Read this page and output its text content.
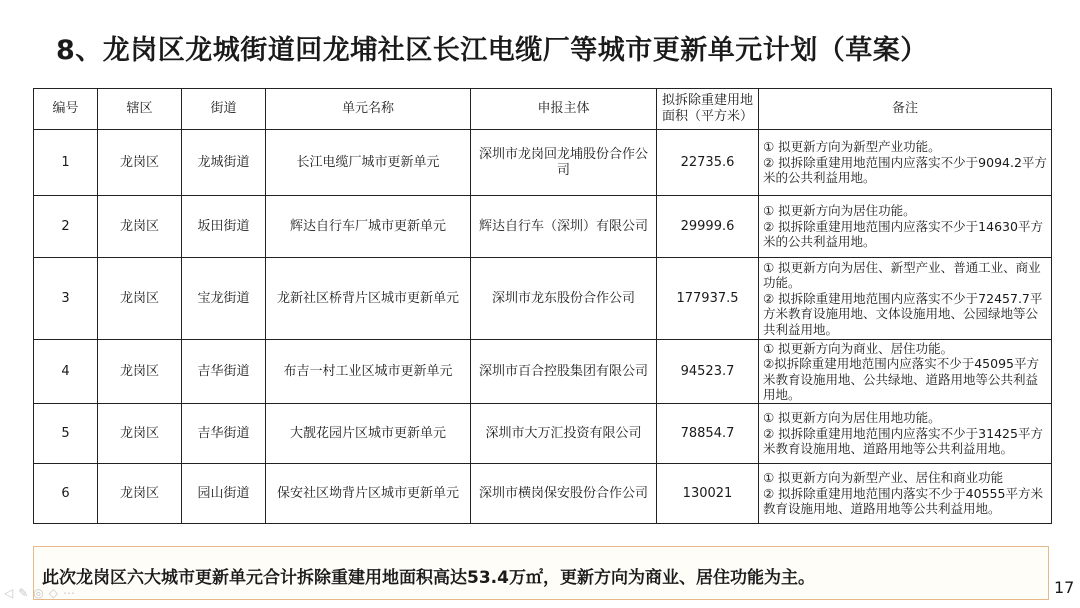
8、龙岗区龙城街道回龙埔社区长江电缆厂等城市更新单元计划（草案）
编号	辖区	街道	单元名称	申报主体	拟拆除重建用地面积（平方米）	备注
1	龙岗区	龙城街道	长江电缆厂城市更新单元	深圳市龙岗回龙埔股份合作公司	22735.6	① 拟更新方向为新型产业功能。
② 拟拆除重建用地范围内应落实不少于9094.2平方米的公共利益用地。

2	龙岗区	坂田街道	辉达自行车厂城市更新单元	辉达自行车（深圳）有限公司	29999.6	① 拟更新方向为居住功能。
② 拟拆除重建用地范围内应落实不少于14630平方米的公共利益用地。

3	龙岗区	宝龙街道	龙新社区桥背片区城市更新单元	深圳市龙东股份合作公司	177937.5	① 拟更新方向为居住、新型产业、普通工业、商业功能。
② 拟拆除重建用地范围内应落实不少于72457.7平方米教育设施用地、文体设施用地、公园绿地等公共利益用地。

4	龙岗区	吉华街道	布吉一村工业区城市更新单元	深圳市百合控股集团有限公司	94523.7	① 拟更新方向为商业、居住功能。
②拟拆除重建用地范围内应落实不少于45095平方米教育设施用地、公共绿地、道路用地等公共利益用地。

5	龙岗区	吉华街道	大靓花园片区城市更新单元	深圳市大万汇投资有限公司	78854.7	① 拟更新方向为居住用地功能。
② 拟拆除重建用地范围内应落实不少于31425平方米教育设施用地、道路用地等公共利益用地。

6	龙岗区	园山街道	保安社区坳背片区城市更新单元	深圳市横岗保安股份合作公司	130021	① 拟更新方向为新型产业、居住和商业功能
② 拟拆除重建用地范围内落实不少于40555平方米教育设施用地、道路用地等公共利益用地。
此次龙岗区六大城市更新单元合计拆除重建用地面积高达53.4万㎡，更新方向为商业、居住功能为主。	17
◁ ✎ ◎ ◇ ⋯
